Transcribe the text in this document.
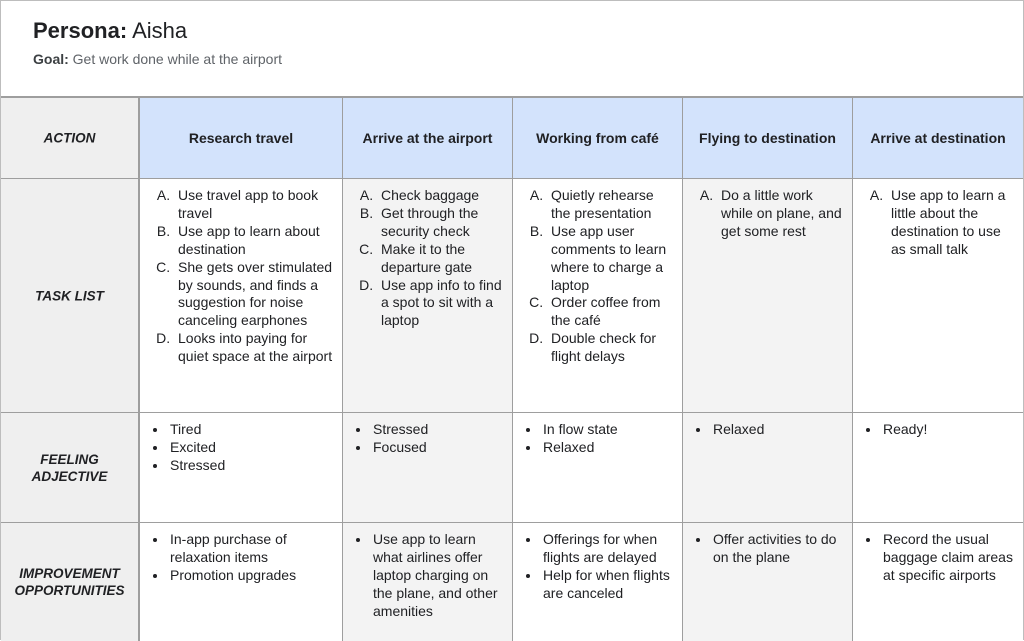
Persona: Aisha
Goal: Get work done while at the airport
ACTION	Research travel	Arrive at the airport	Working from café	Flying to destination	Arrive at destination
TASK LIST
A. Use travel app to book travel
B. Use app to learn about destination
C. She gets over stimulated by sounds, and finds a suggestion for noise canceling earphones
D. Looks into paying for quiet space at the airport
A. Check baggage
B. Get through the security check
C. Make it to the departure gate
D. Use app info to find a spot to sit with a laptop
A. Quietly rehearse the presentation
B. Use app user comments to learn where to charge a laptop
C. Order coffee from the café
D. Double check for flight delays
A. Do a little work while on plane, and get some rest
A. Use app to learn a little about the destination to use as small talk
FEELING ADJECTIVE
• Tired
• Excited
• Stressed
• Stressed
• Focused
• In flow state
• Relaxed
• Relaxed
•	Ready!
IMPROVEMENT OPPORTUNITIES
• In-app purchase of relaxation items
• Promotion upgrades
• Use app to learn what airlines offer laptop charging on the plane, and other amenities
• Offerings for when flights are delayed
• Help for when flights are canceled
• Offer activities to do on the plane
• Record the usual baggage claim areas at specific airports
